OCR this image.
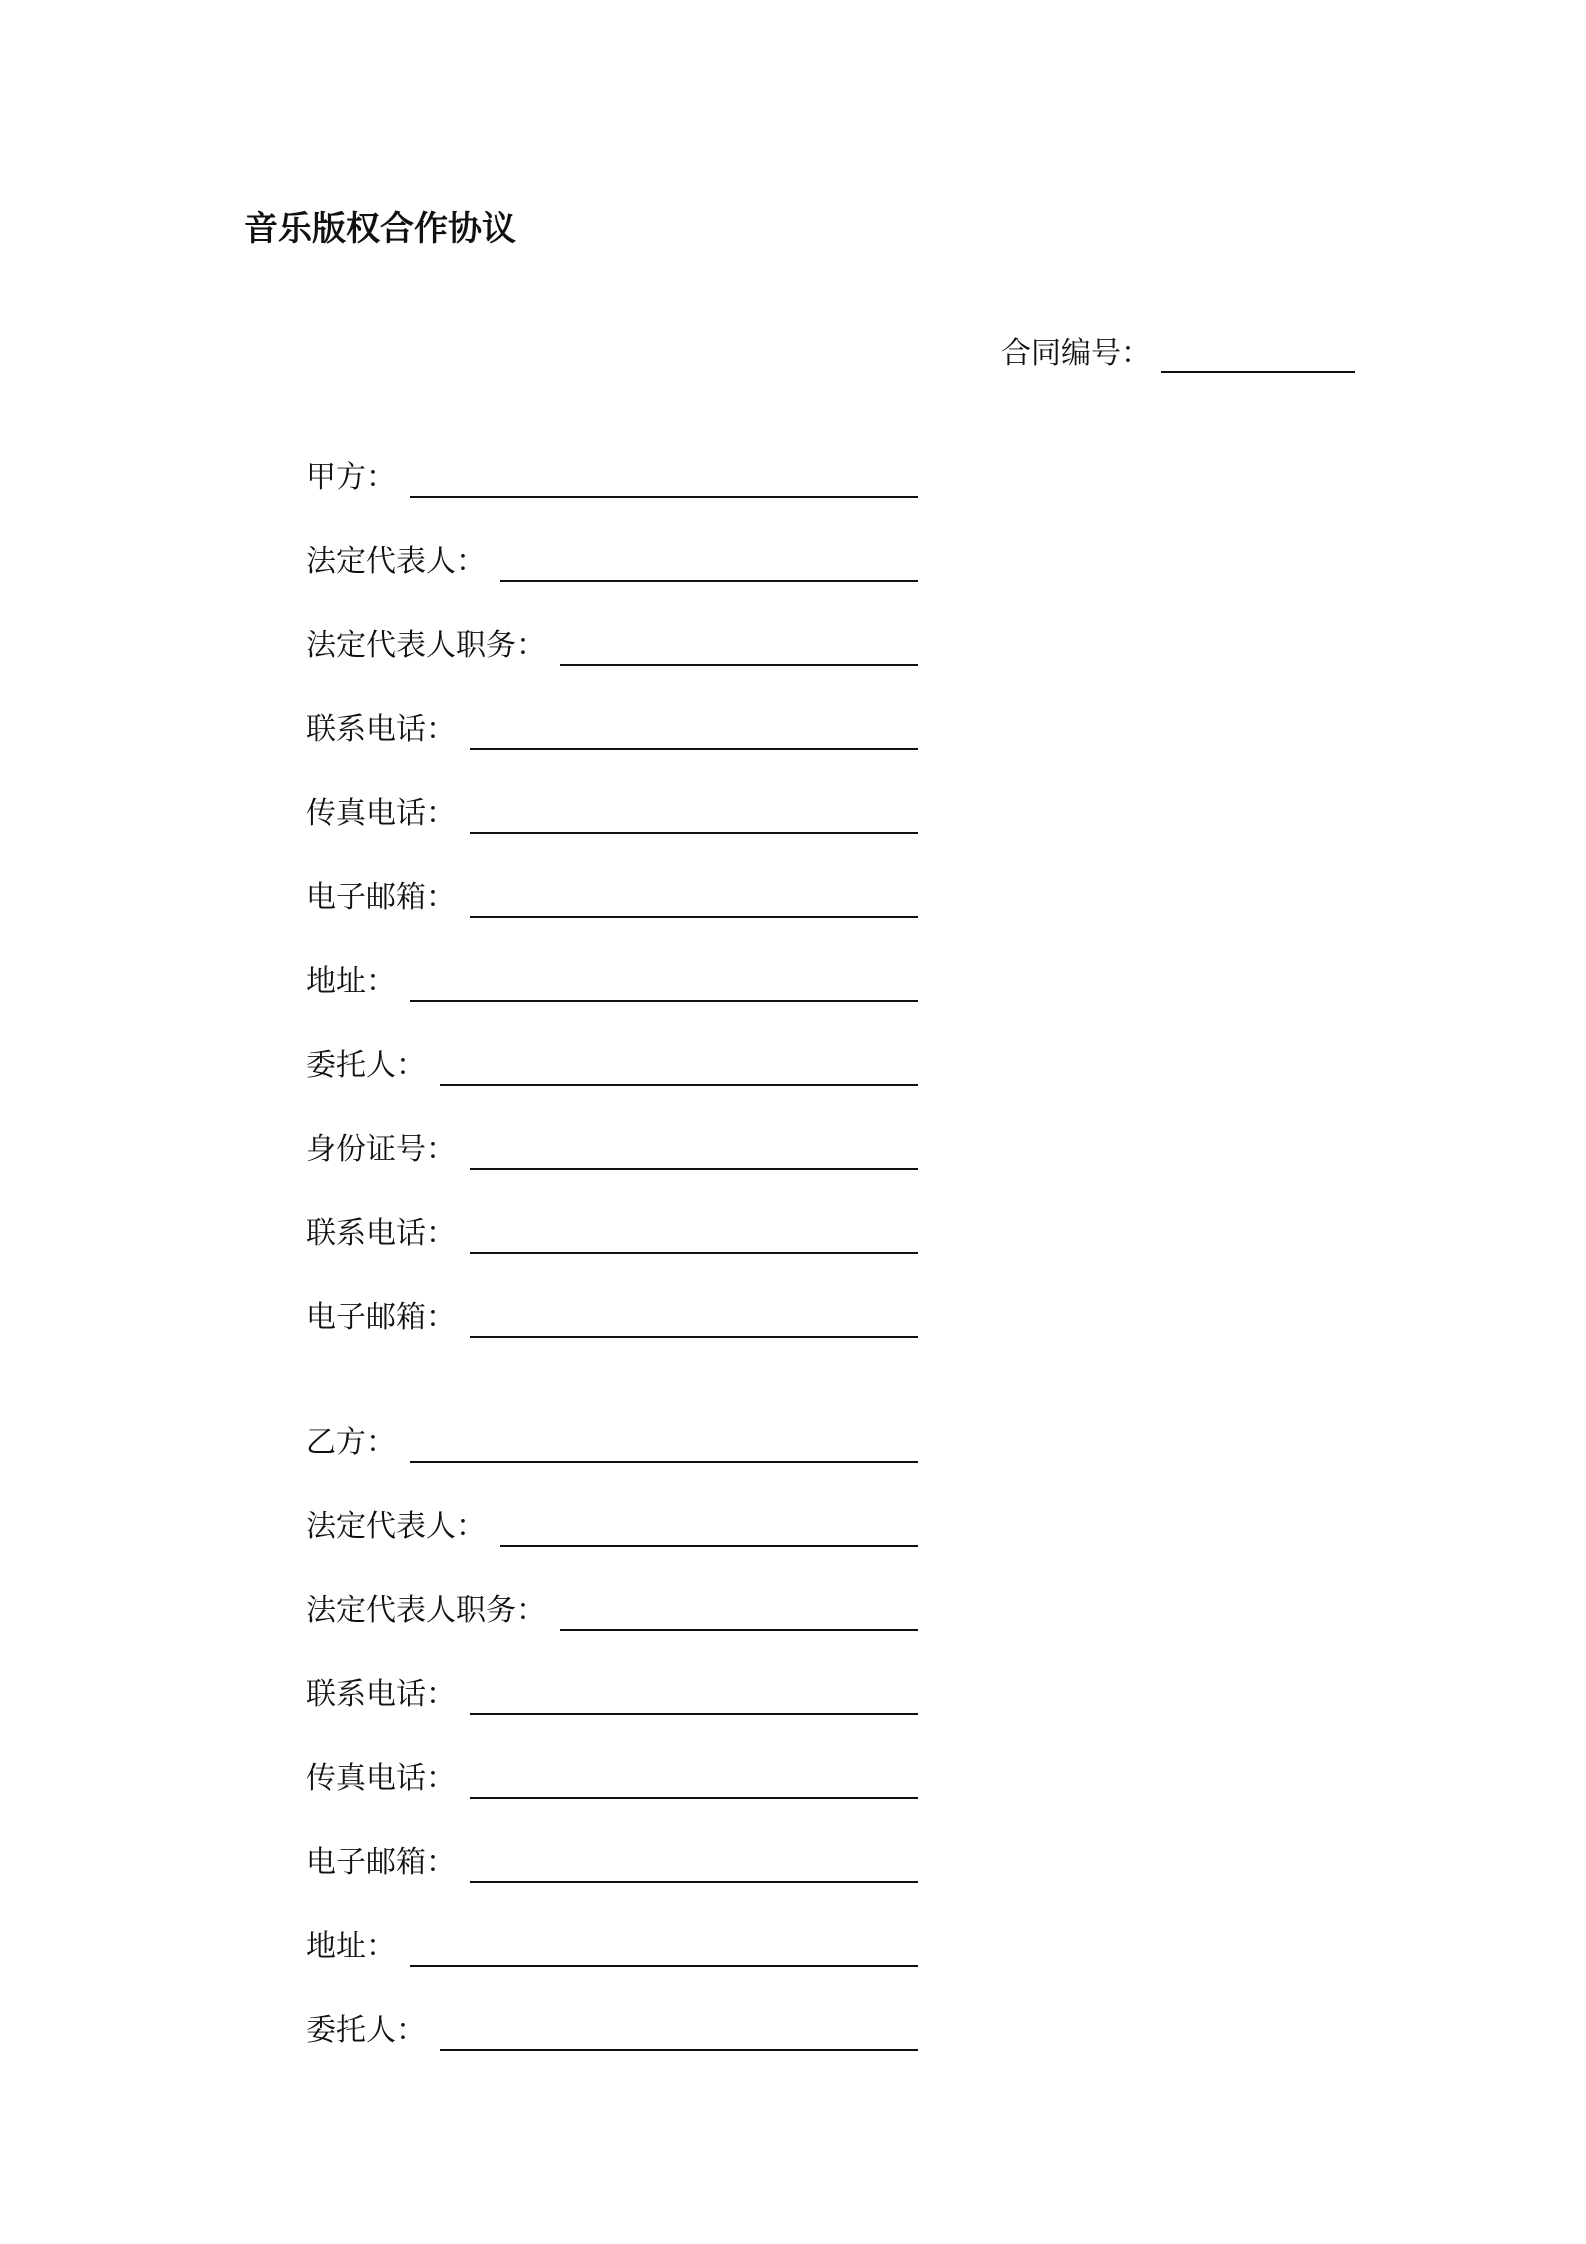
音乐版权合作协议
合同编号：
甲方：
法定代表人：
法定代表人职务：
联系电话：
传真电话：
电子邮箱：
地址：
委托人：
身份证号：
联系电话：
电子邮箱：
乙方：
法定代表人：
法定代表人职务：
联系电话：
传真电话：
电子邮箱：
地址：
委托人：
